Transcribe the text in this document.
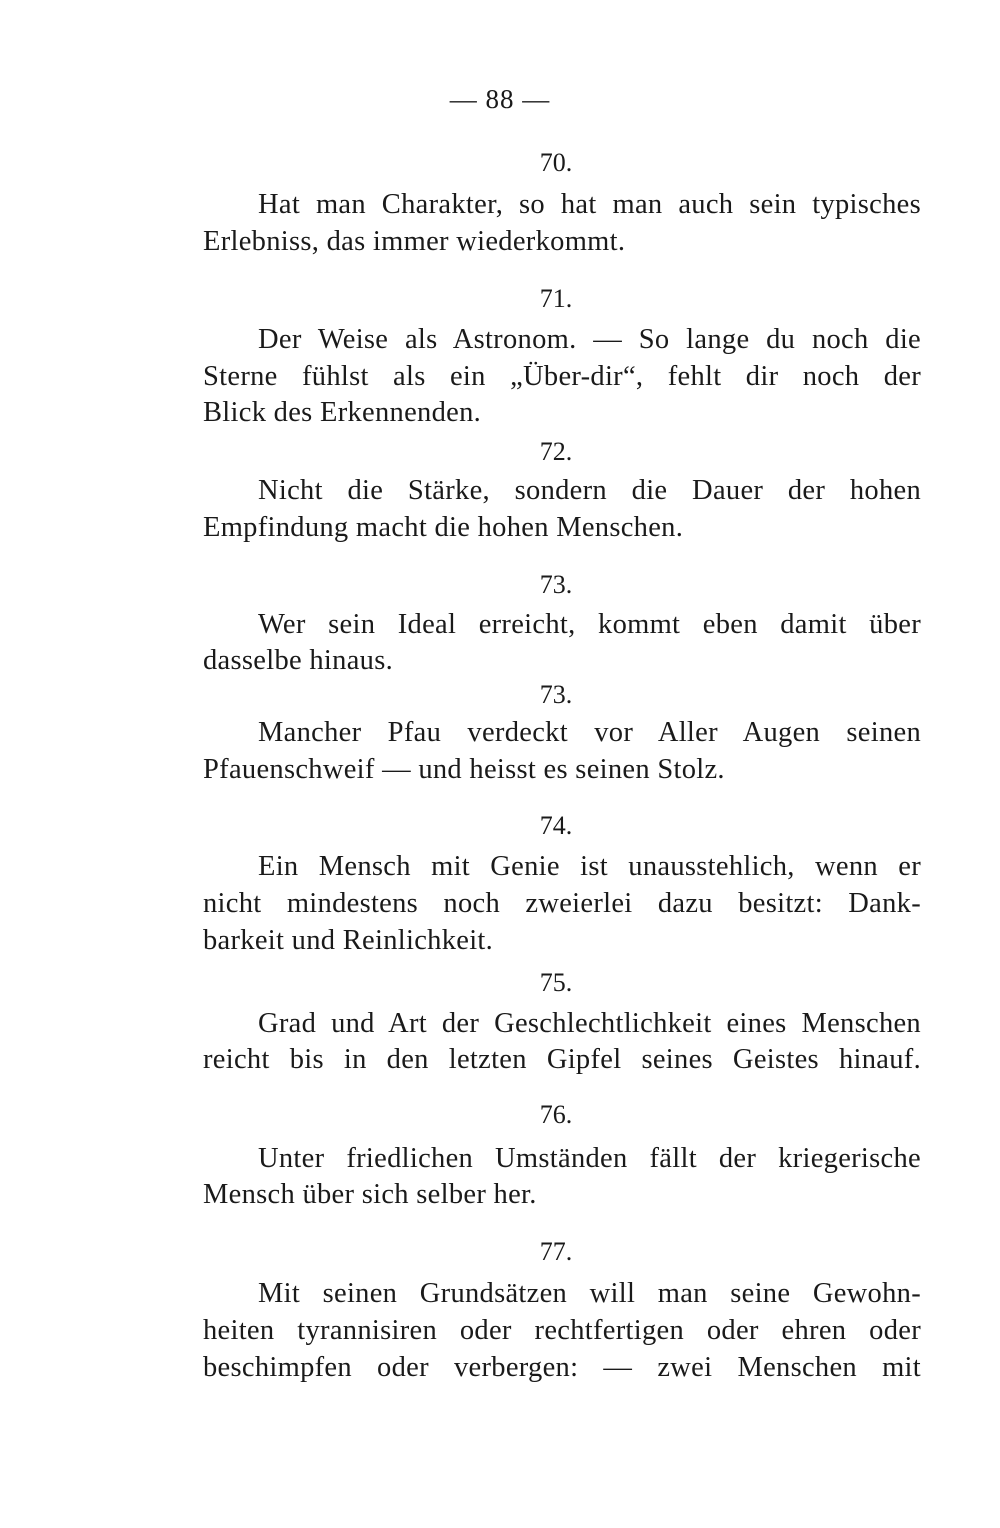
— 88 —
70.
Hat man Charakter, so hat man auch sein typisches
Erlebniss, das immer wiederkommt.
71.
Der Weise als Astronom. — So lange du noch die
Sterne fühlst als ein „Über-dir“, fehlt dir noch der
Blick des Erkennenden.
72.
Nicht die Stärke, sondern die Dauer der hohen
Empfindung macht die hohen Menschen.
73.
Wer sein Ideal erreicht, kommt eben damit über
dasselbe hinaus.
73.
Mancher Pfau verdeckt vor Aller Augen seinen
Pfauenschweif — und heisst es seinen Stolz.
74.
Ein Mensch mit Genie ist unausstehlich, wenn er
nicht mindestens noch zweierlei dazu besitzt: Dank-
barkeit und Reinlichkeit.
75.
Grad und Art der Geschlechtlichkeit eines Menschen
reicht bis in den letzten Gipfel seines Geistes hinauf.
76.
Unter friedlichen Umständen fällt der kriegerische
Mensch über sich selber her.
77.
Mit seinen Grundsätzen will man seine Gewohn-
heiten tyrannisiren oder rechtfertigen oder ehren oder
beschimpfen oder verbergen: — zwei Menschen mit
